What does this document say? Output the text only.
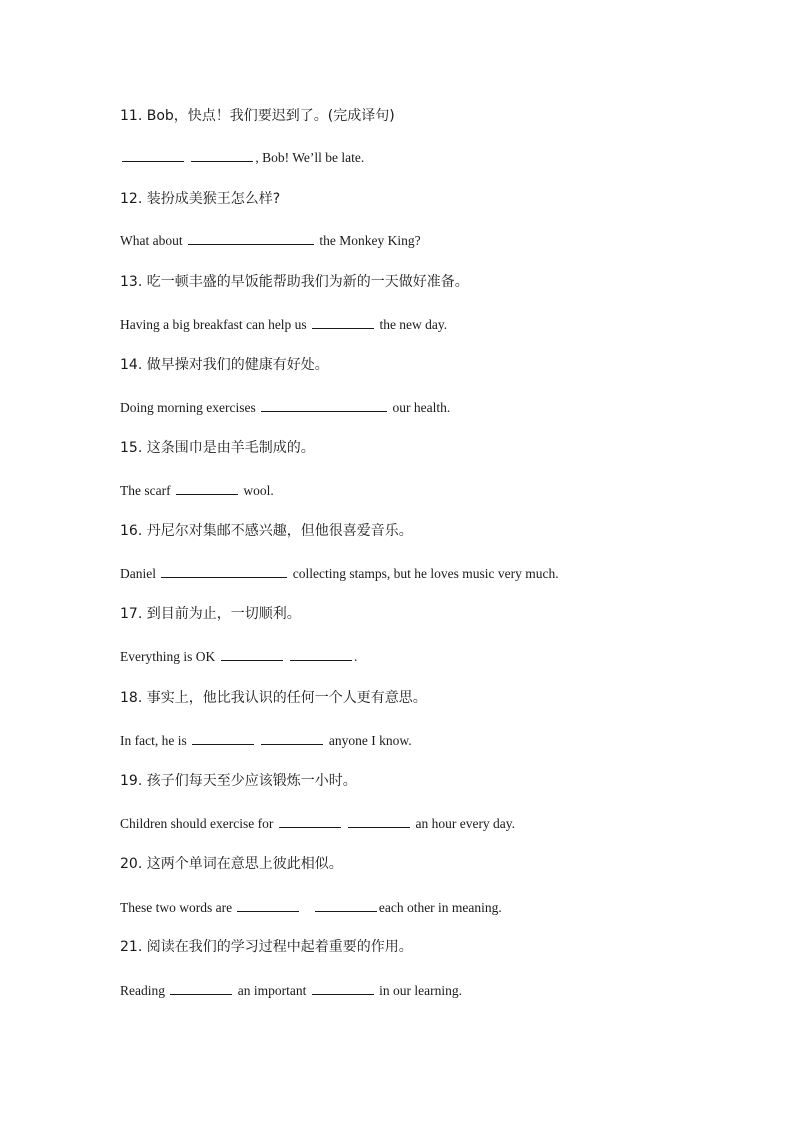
11. Bob，快点！我们要迟到了。(完成译句)
, Bob! We’ll be late.
12. 装扮成美猴王怎么样?
What about	the Monkey King?
13. 吃一顿丰盛的早饭能帮助我们为新的一天做好准备。
Having a big breakfast can help us	the new day.
14. 做早操对我们的健康有好处。
Doing morning exercises	our health.
15. 这条围巾是由羊毛制成的。
The scarf	wool.
16. 丹尼尔对集邮不感兴趣，但他很喜爱音乐。
Daniel	collecting stamps, but he loves music very much.
17. 到目前为止，一切顺利。
Everything is OK	.
18. 事实上，他比我认识的任何一个人更有意思。
In fact, he is	anyone I know.
19. 孩子们每天至少应该锻炼一小时。
Children should exercise for	an hour every day.
20. 这两个单词在意思上彼此相似。
These two words are	each other in meaning.
21. 阅读在我们的学习过程中起着重要的作用。
Reading	an important	in our learning.
